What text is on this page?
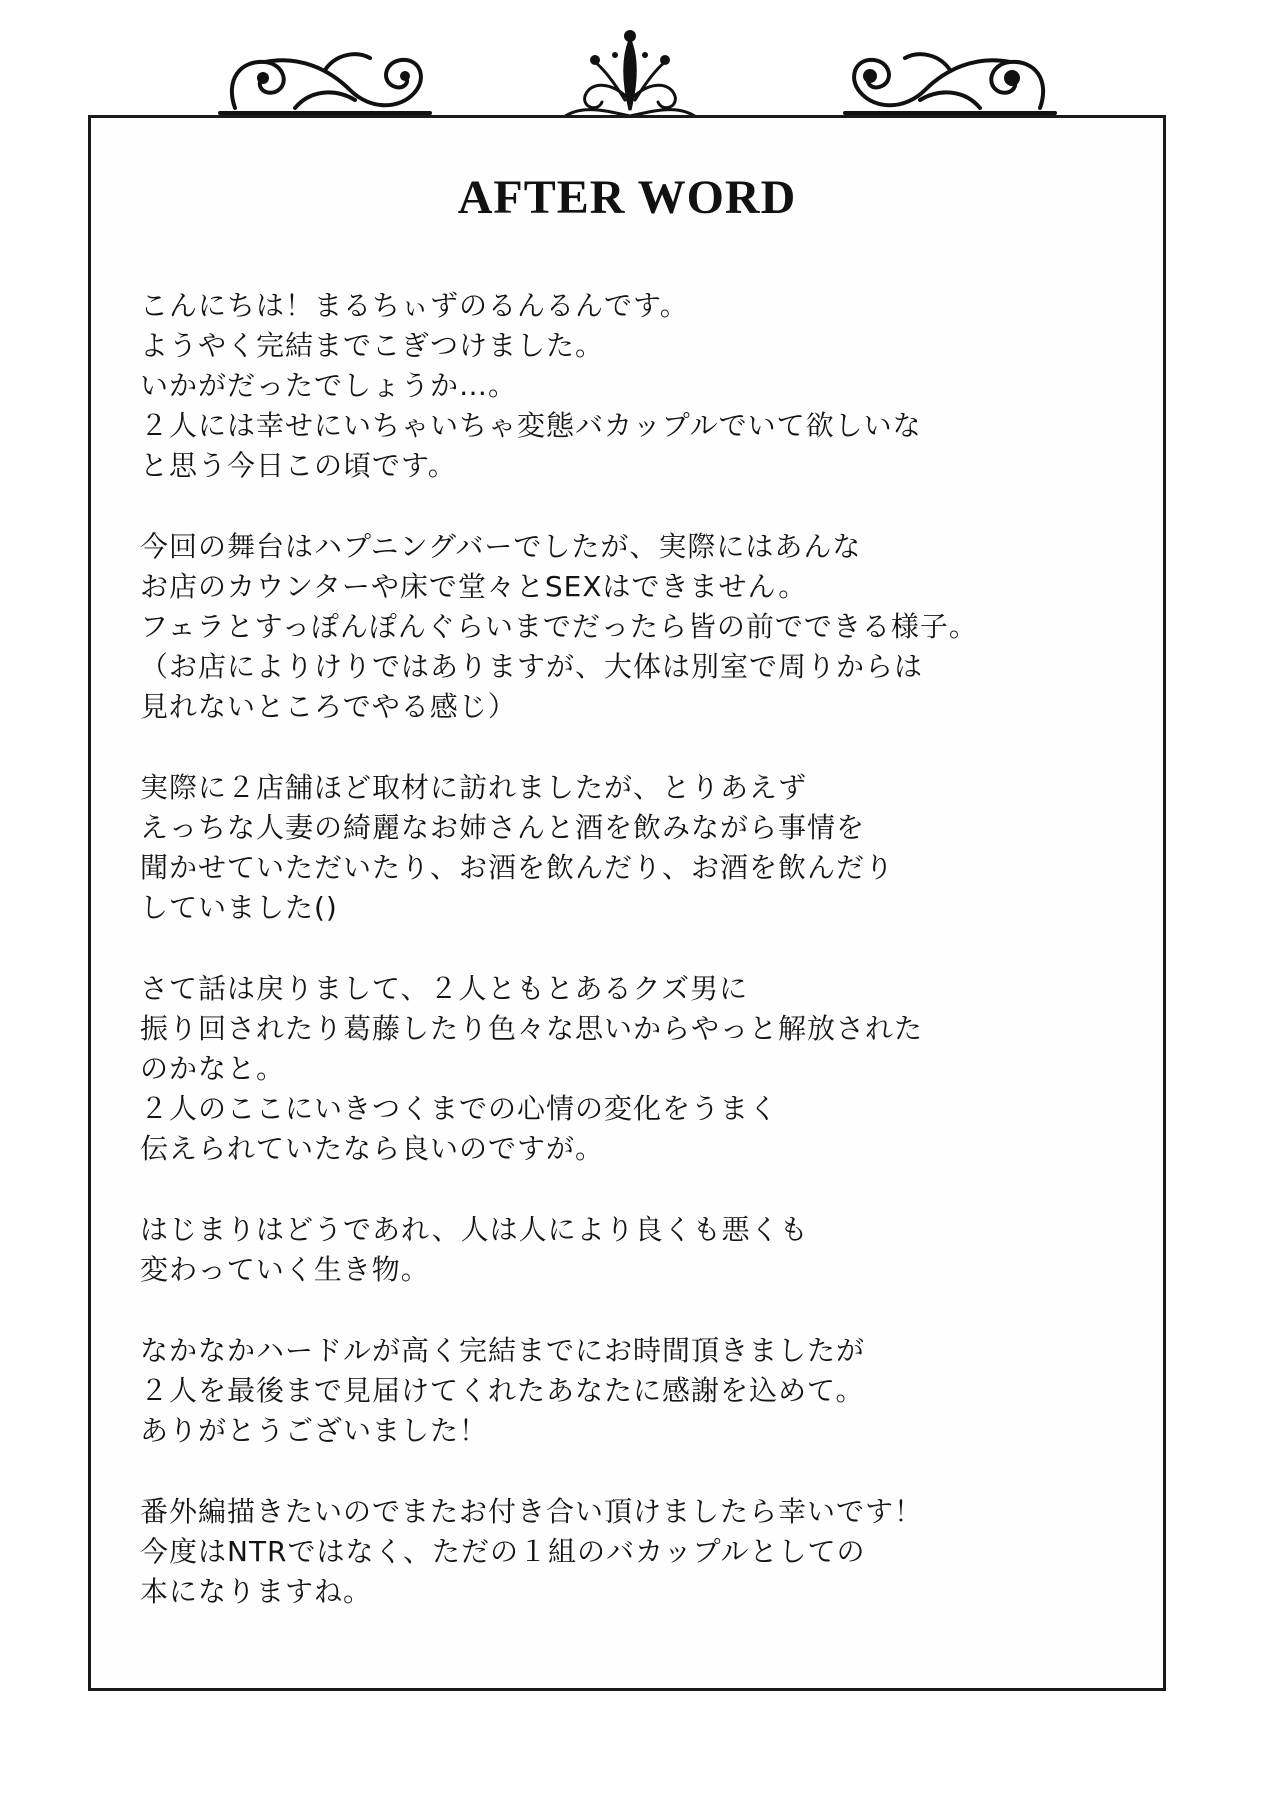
AFTER WORD
こんにちは！まるちぃずのるんるんです。
ようやく完結までこぎつけました。
いかがだったでしょうか…。
２人には幸せにいちゃいちゃ変態バカップルでいて欲しいな
と思う今日この頃です。
今回の舞台はハプニングバーでしたが、実際にはあんな
お店のカウンターや床で堂々とSEXはできません。
フェラとすっぽんぽんぐらいまでだったら皆の前でできる様子。
（お店によりけりではありますが、大体は別室で周りからは
見れないところでやる感じ）
実際に２店舗ほど取材に訪れましたが、とりあえず
えっちな人妻の綺麗なお姉さんと酒を飲みながら事情を
聞かせていただいたり、お酒を飲んだり、お酒を飲んだり
していました()
さて話は戻りまして、２人ともとあるクズ男に
振り回されたり葛藤したり色々な思いからやっと解放された
のかなと。
２人のここにいきつくまでの心情の変化をうまく
伝えられていたなら良いのですが。
はじまりはどうであれ、人は人により良くも悪くも
変わっていく生き物。
なかなかハードルが高く完結までにお時間頂きましたが
２人を最後まで見届けてくれたあなたに感謝を込めて。
ありがとうございました！
番外編描きたいのでまたお付き合い頂けましたら幸いです！
今度はNTRではなく、ただの１組のバカップルとしての
本になりますね。
